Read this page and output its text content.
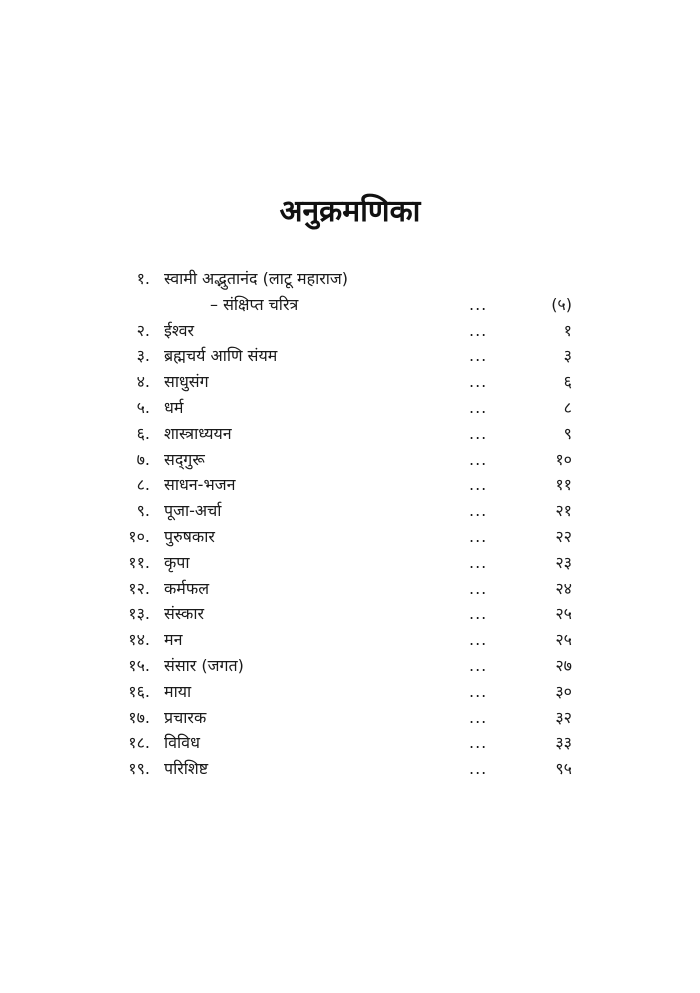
अनुक्रमणिका
१. स्वामी अद्भुतानंद (लाटू महाराज)
– संक्षिप्त चरित्र	...	(५)
२. ईश्वर	...	१
३. ब्रह्मचर्य आणि संयम	...	३
४. साधुसंग	...	६
५. धर्म	...	८
६. शास्त्राध्ययन	...	९
७. सद्‌गुरू	...	१०
८. साधन-भजन	...	११
९. पूजा-अर्चा	...	२१
१०. पुरुषकार	...	२२
११. कृपा	...	२३
१२. कर्मफल	...	२४
१३. संस्कार	...	२५
१४. मन	...	२५
१५. संसार (जगत)	...	२७
१६. माया	...	३०
१७. प्रचारक	...	३२
१८. विविध	...	३३
१९. परिशिष्ट	...	९५
